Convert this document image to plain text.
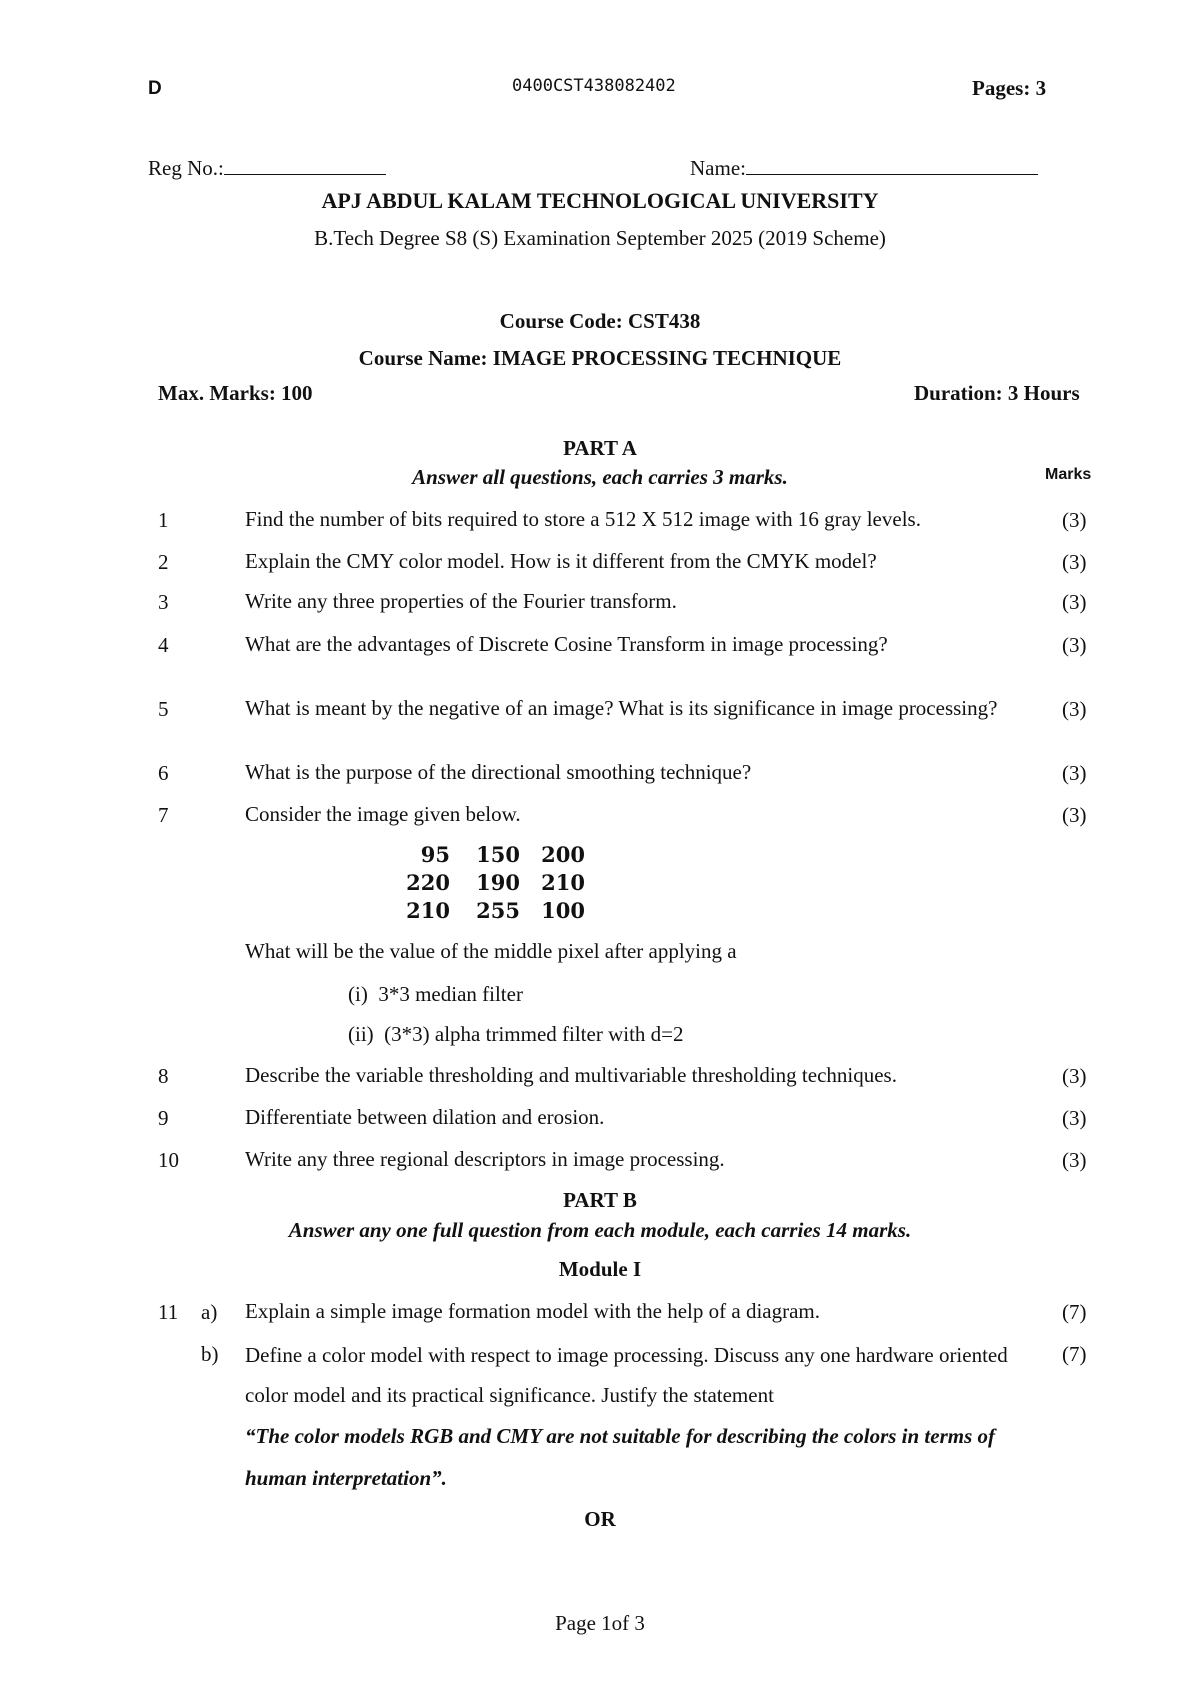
D	0400CST438082402	Pages: 3
Reg No.:	Name:
APJ ABDUL KALAM TECHNOLOGICAL UNIVERSITY
B.Tech Degree S8 (S) Examination September 2025 (2019 Scheme)
Course Code: CST438
Course Name: IMAGE PROCESSING TECHNIQUE
Max. Marks: 100	Duration: 3 Hours
PART A
Answer all questions, each carries 3 marks.	Marks
1	Find the number of bits required to store a 512 X 512 image with 16 gray levels.	(3)
2	Explain the CMY color model. How is it different from the CMYK model?	(3)
3	Write any three properties of the Fourier transform.	(3)
4	What are the advantages of Discrete Cosine Transform in image processing?	(3)
5	What is meant by the negative of an image? What is its significance in image processing?	(3)
6	What is the purpose of the directional smoothing technique?	(3)
7	Consider the image given below.	(3)
95 150 200
220 190 210
210 255 100
What will be the value of the middle pixel after applying a
(i) 3*3 median filter
(ii) (3*3) alpha trimmed filter with d=2
8	Describe the variable thresholding and multivariable thresholding techniques.	(3)
9	Differentiate between dilation and erosion.	(3)
10	Write any three regional descriptors in image processing.	(3)
PART B
Answer any one full question from each module, each carries 14 marks.
Module I
11 a) Explain a simple image formation model with the help of a diagram.	(7)
b) Define a color model with respect to image processing. Discuss any one hardware oriented color model and its practical significance. Justify the statement
(7)
“The color models RGB and CMY are not suitable for describing the colors in terms of human interpretation”.
OR
Page 1of 3
